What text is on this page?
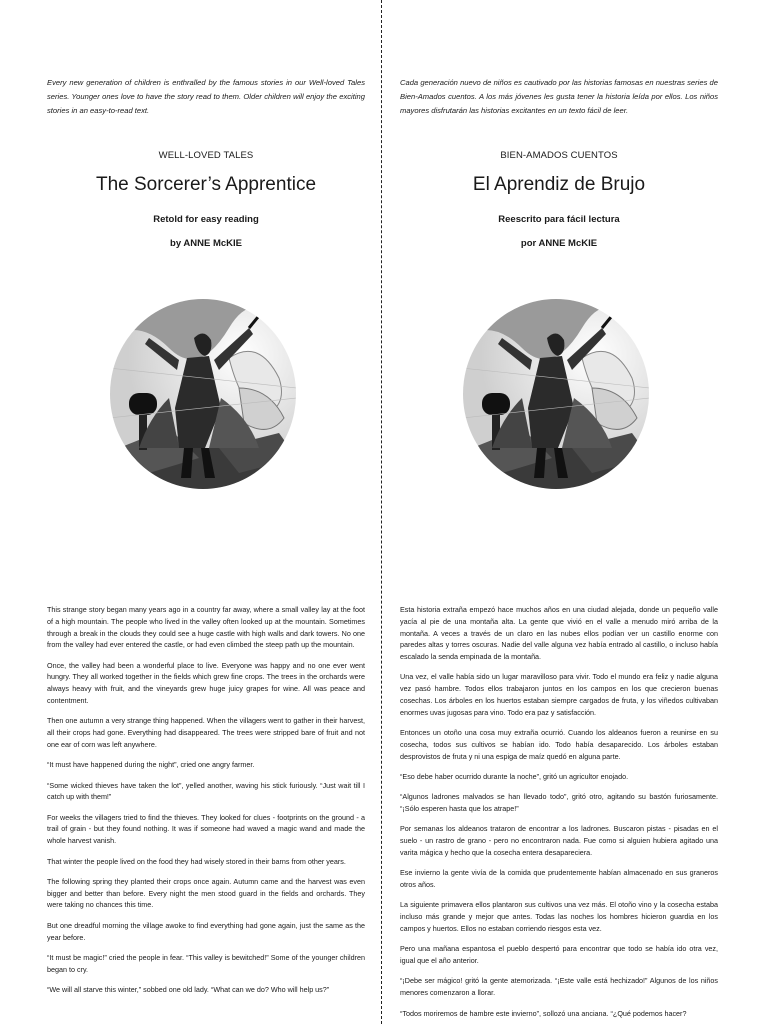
Every new generation of children is enthralled by the famous stories in our Well-loved Tales series. Younger ones love to have the story read to them. Older children will enjoy the exciting stories in an easy-to-read text.

WELL-LOVED TALES

The Sorcerer’s Apprentice

Retold for easy reading

by ANNE McKIE

This strange story began many years ago in a country far away, where a small valley lay at the foot of a high mountain. The people who lived in the valley often looked up at the mountain. Sometimes through a break in the clouds they could see a huge castle with high walls and dark towers. No one from the valley had ever entered the castle, or had even climbed the steep path up the mountain.

Once, the valley had been a wonderful place to live. Everyone was happy and no one ever went hungry. They all worked together in the fields which grew fine crops. The trees in the orchards were always heavy with fruit, and the vineyards grew huge juicy grapes for wine. All was peace and contentment.

Then one autumn a very strange thing happened. When the villagers went to gather in their harvest, all their crops had gone. Everything had disappeared. The trees were stripped bare of fruit and not one ear of corn was left anywhere.

“It must have happened during the night”, cried one angry farmer.

“Some wicked thieves have taken the lot”, yelled another, waving his stick furiously. “Just wait till I catch up with them!”

For weeks the villagers tried to find the thieves. They looked for clues - footprints on the ground - a trail of grain - but they found nothing. It was if someone had waved a magic wand and made the whole harvest vanish.

That winter the people lived on the food they had wisely stored in their barns from other years.

The following spring they planted their crops once again. Autumn came and the harvest was even bigger and better than before. Every night the men stood guard in the fields and orchards. They were taking no chances this time.

But one dreadful morning the village awoke to find everything had gone again, just the same as the year before.

“It must be magic!” cried the people in fear. “This valley is bewitched!” Some of the younger children began to cry.

“We will all starve this winter,” sobbed one old lady. “What can we do? Who will help us?”

Cada generación nuevo de niños es cautivado por las historias famosas en nuestras series de Bien-Amados cuentos. A los más jóvenes les gusta tener la historia leída por ellos. Los niños mayores disfrutarán las historias excitantes en un texto fácil de leer.

BIEN-AMADOS CUENTOS

El Aprendiz de Brujo

Reescrito para fácil lectura

por ANNE McKIE

Esta historia extraña empezó hace muchos años en una ciudad alejada, donde un pequeño valle yacía al pie de una montaña alta. La gente que vivió en el valle a menudo miró arriba de la montaña. A veces a través de un claro en las nubes ellos podían ver un castillo enorme con paredes altas y torres oscuras. Nadie del valle alguna vez había entrado al castillo, o incluso había escalado la senda empinada de la montaña.

Una vez, el valle había sido un lugar maravilloso para vivir. Todo el mundo era feliz y nadie alguna vez pasó hambre. Todos ellos trabajaron juntos en los campos en los que crecieron buenas cosechas. Los árboles en los huertos estaban siempre cargados de fruta, y los viñedos cultivaban enormes uvas jugosas para vino. Todo era paz y satisfacción.

Entonces un otoño una cosa muy extraña ocurrió. Cuando los aldeanos fueron a reunirse en su cosecha, todos sus cultivos se habían ido. Todo había desaparecido. Los árboles estaban desprovistos de fruta y ni una espiga de maíz quedó en alguna parte.

“Eso debe haber ocurrido durante la noche”, gritó un agricultor enojado.

“Algunos ladrones malvados se han llevado todo”, gritó otro, agitando su bastón furiosamente. “¡Sólo esperen hasta que los atrape!”

Por semanas los aldeanos trataron de encontrar a los ladrones. Buscaron pistas - pisadas en el suelo - un rastro de grano - pero no encontraron nada. Fue como si alguien hubiera agitado una varita mágica y hecho que la cosecha entera desapareciera.

Ese invierno la gente vivía de la comida que prudentemente habían almacenado en sus graneros otros años.

La siguiente primavera ellos plantaron sus cultivos una vez más. El otoño vino y la cosecha estaba incluso más grande y mejor que antes. Todas las noches los hombres hicieron guardia en los campos y huertos. Ellos no estaban corriendo riesgos esta vez.

Pero una mañana espantosa el pueblo despertó para encontrar que todo se había ido otra vez, igual que el año anterior.

“¡Debe ser mágico! gritó la gente atemorizada. “¡Este valle está hechizado!” Algunos de los niños menores comenzaron a llorar.

“Todos moriremos de hambre este invierno”, sollozó una anciana. “¿Qué podemos hacer?
